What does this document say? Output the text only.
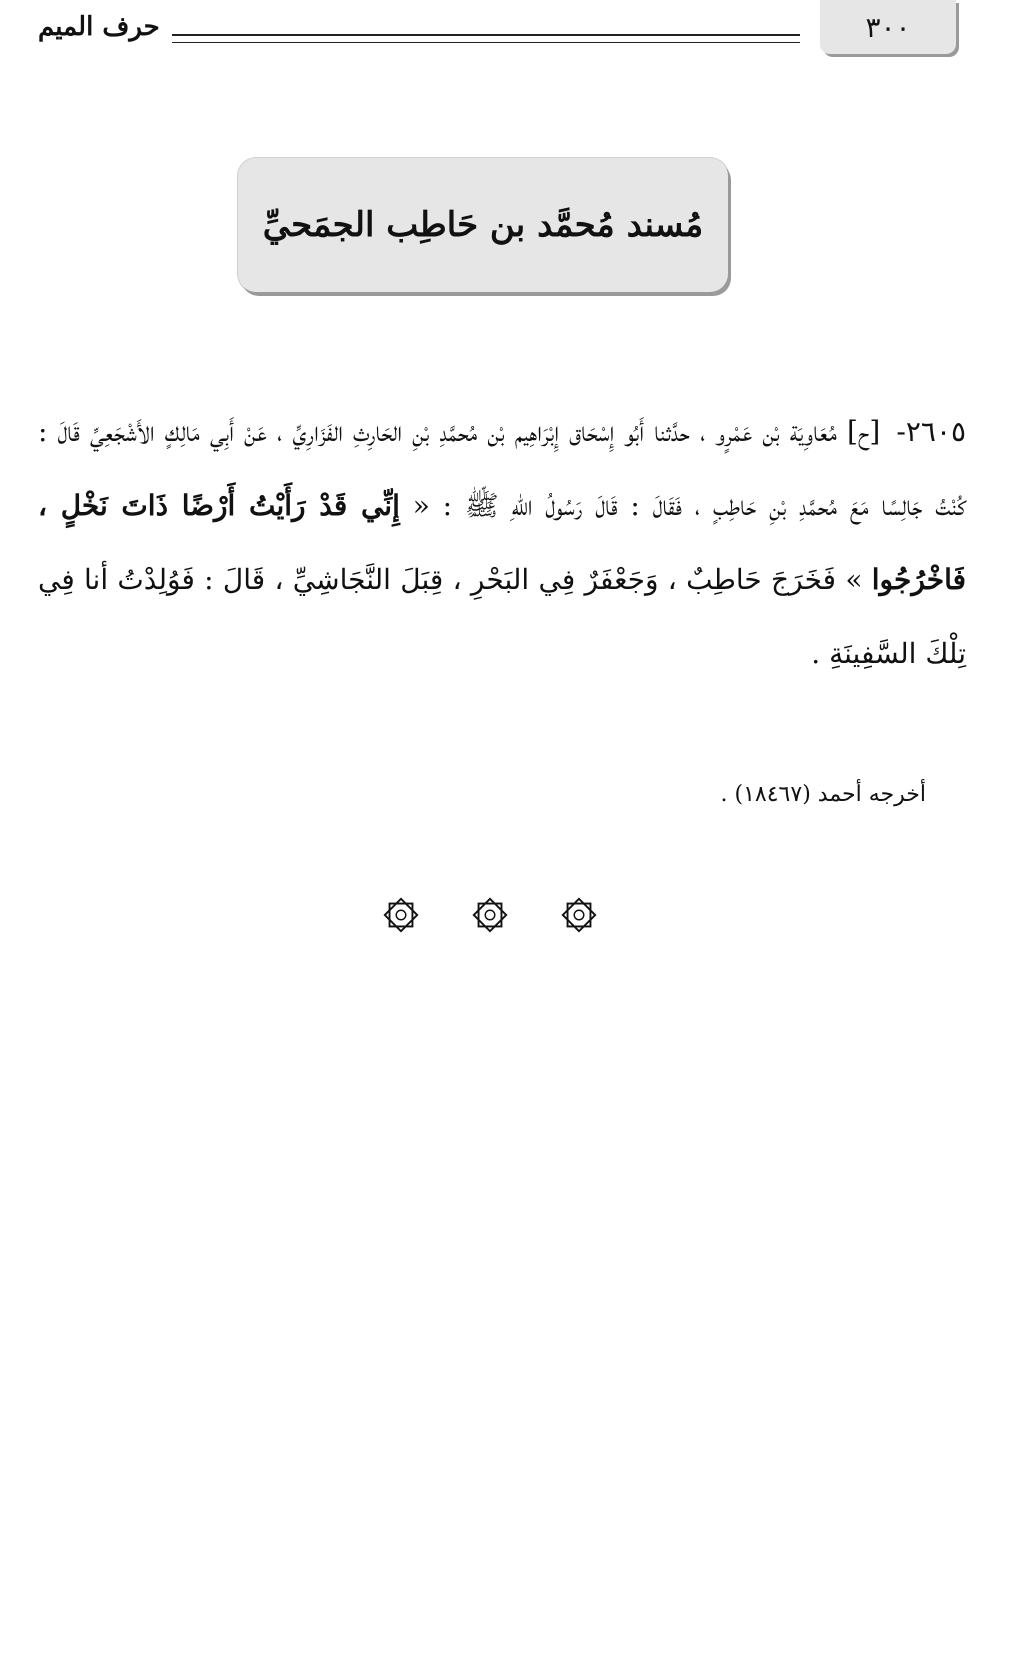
٣٠٠
حرف الميم
مُسند مُحمَّد بن حَاطِب الجمَحيِّ
٢٦٠٥- [ح] مُعَاوِيَة بْن عَمْرٍو ، حدَّثنا أَبُو إِسْحَاق إِبْرَاهِيم بْن مُحمَّدِ بْنِ الحَارِثِ الفَزَارِيِّ ، عَنْ أَبِي مَالِكٍ الأَشْجَعِيِّ قَالَ : كُنْتُ جَالِسًا مَعَ مُحمَّدِ بْنِ حَاطِبٍ ، فَقَالَ : قَالَ رَسُولُ اللهِ ﷺ : « إِنِّي قَدْ رَأَيْتُ أَرْضًا ذَاتَ نَخْلٍ ، فَاخْرُجُوا » فَخَرَجَ حَاطِبٌ ، وَجَعْفَرٌ فِي البَحْرِ ، قِبَلَ النَّجَاشِيِّ ، قَالَ : فَوُلِدْتُ أنا فِي تِلْكَ السَّفِينَةِ .
أخرجه أحمد (١٨٤٦٧) .
